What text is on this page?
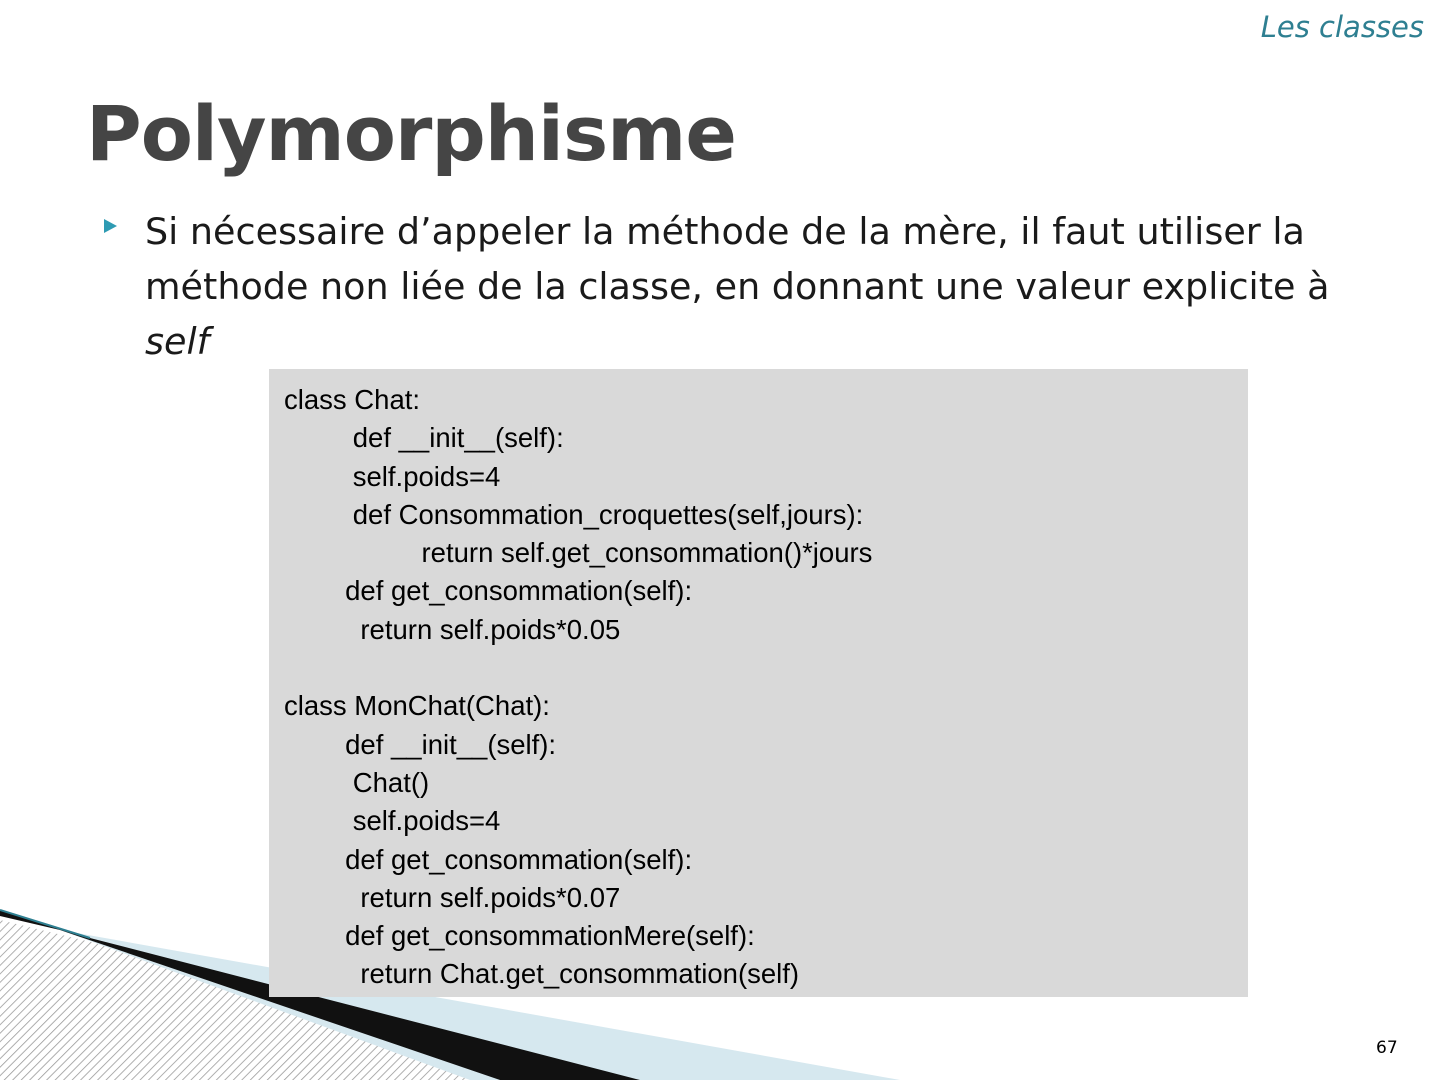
Les classes
Polymorphisme

Si nécessaire d’appeler la méthode de la mère, il faut utiliser la méthode non liée de la classe, en donnant une valeur explicite à self

class Chat:
def __init__(self):
self.poids=4
def Consommation_croquettes(self,jours):
return self.get_consommation()*jours
def get_consommation(self):
return self.poids*0.05
class MonChat(Chat):
def __init__(self):
Chat()
self.poids=4
def get_consommation(self):
return self.poids*0.07
def get_consommationMere(self):
return Chat.get_consommation(self)
67
